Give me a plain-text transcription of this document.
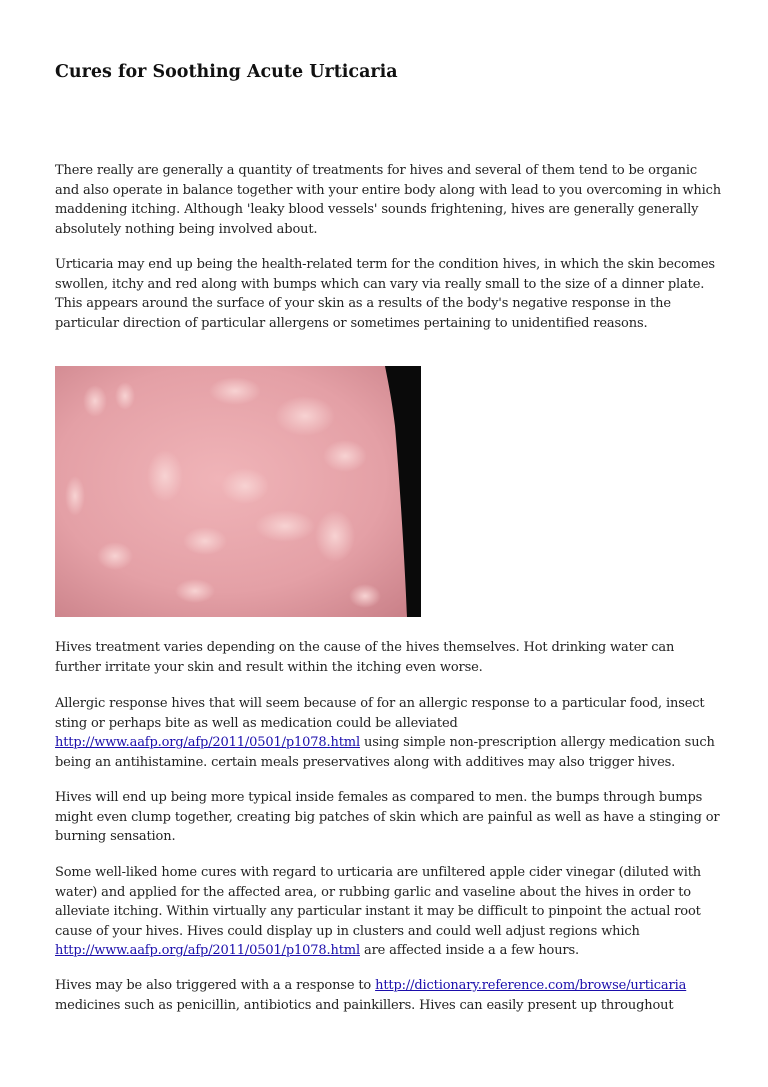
Cures for Soothing Acute Urticaria

There really are generally a quantity of treatments for hives and several of them tend to be organic and also operate in balance together with your entire body along with lead to you overcoming in which maddening itching. Although 'leaky blood vessels' sounds frightening, hives are generally generally absolutely nothing being involved about.

Urticaria may end up being the health-related term for the condition hives, in which the skin becomes swollen, itchy and red along with bumps which can vary via really small to the size of a dinner plate. This appears around the surface of your skin as a results of the body's negative response in the particular direction of particular allergens or sometimes pertaining to unidentified reasons.

Hives treatment varies depending on the cause of the hives themselves. Hot drinking water can further irritate your skin and result within the itching even worse.

Allergic response hives that will seem because of for an allergic response to a particular food, insect sting or perhaps bite as well as medication could be alleviated http://www.aafp.org/afp/2011/0501/p1078.html using simple non-prescription allergy medication such being an antihistamine. certain meals preservatives along with additives may also trigger hives.

Hives will end up being more typical inside females as compared to men. the bumps through bumps might even clump together, creating big patches of skin which are painful as well as have a stinging or burning sensation.

Some well-liked home cures with regard to urticaria are unfiltered apple cider vinegar (diluted with water) and applied for the affected area, or rubbing garlic and vaseline about the hives in order to alleviate itching. Within virtually any particular instant it may be difficult to pinpoint the actual root cause of your hives. Hives could display up in clusters and could well adjust regions which http://www.aafp.org/afp/2011/0501/p1078.html are affected inside a a few hours.

Hives may be also triggered with a a response to http://dictionary.reference.com/browse/urticaria medicines such as penicillin, antibiotics and painkillers. Hives can easily present up throughout
